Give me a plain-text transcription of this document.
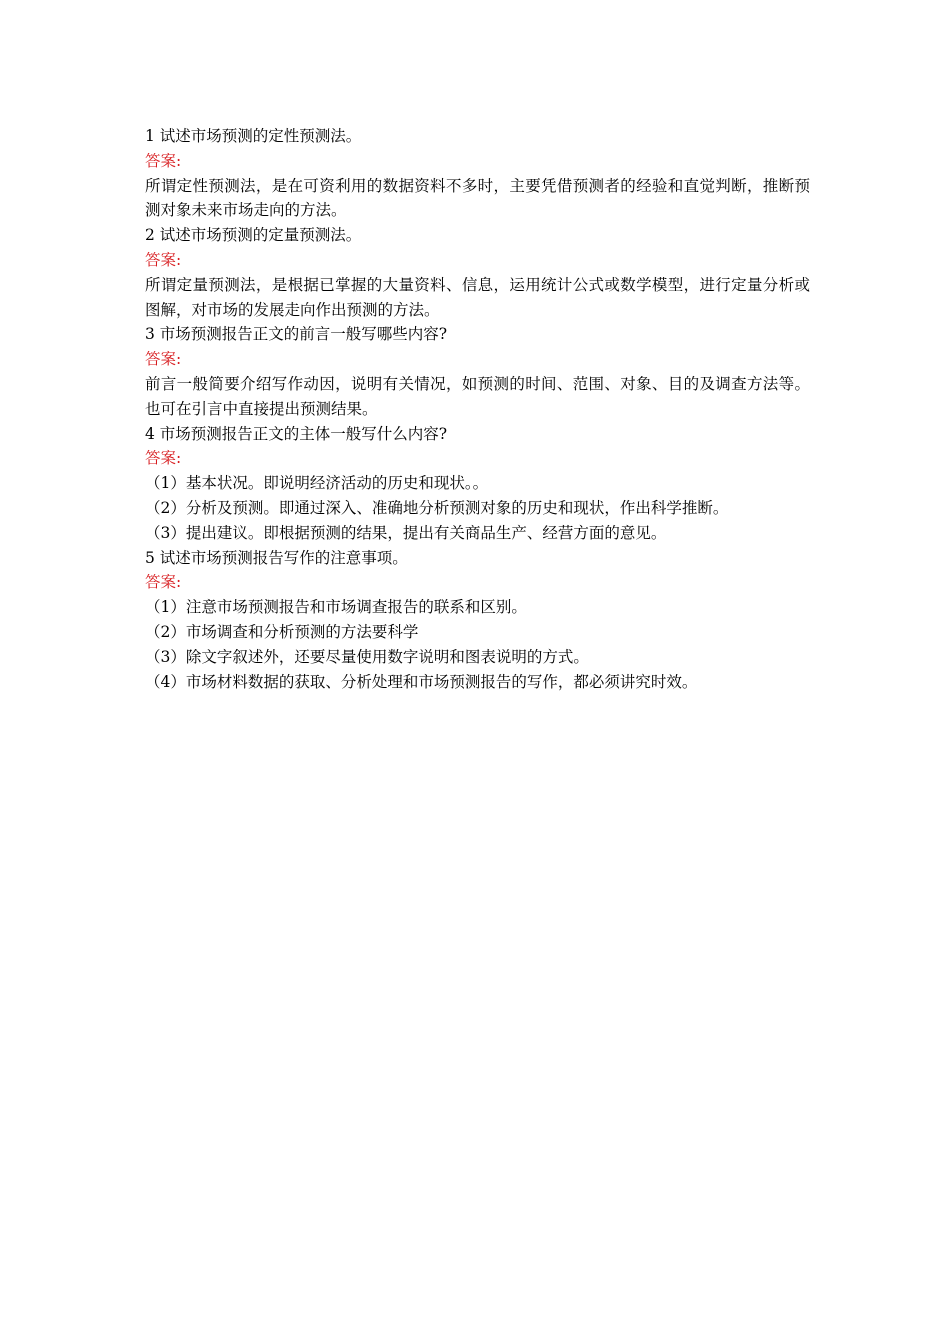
1 试述市场预测的定性预测法。

答案:

所谓定性预测法，是在可资利用的数据资料不多时，主要凭借预测者的经验和直觉判断，推断预测对象未来市场走向的方法。

2 试述市场预测的定量预测法。

答案:

所谓定量预测法，是根据已掌握的大量资料、信息，运用统计公式或数学模型，进行定量分析或图解，对市场的发展走向作出预测的方法。

3 市场预测报告正文的前言一般写哪些内容?

答案:

前言一般简要介绍写作动因，说明有关情况，如预测的时间、范围、对象、目的及调查方法等。也可在引言中直接提出预测结果。

4 市场预测报告正文的主体一般写什么内容?

答案:

（1）基本状况。即说明经济活动的历史和现状。。

（2）分析及预测。即通过深入、准确地分析预测对象的历史和现状，作出科学推断。

（3）提出建议。即根据预测的结果，提出有关商品生产、经营方面的意见。

5 试述市场预测报告写作的注意事项。

答案:

（1）注意市场预测报告和市场调查报告的联系和区别。

（2）市场调查和分析预测的方法要科学

（3）除文字叙述外，还要尽量使用数字说明和图表说明的方式。

（4）市场材料数据的获取、分析处理和市场预测报告的写作，都必须讲究时效。
